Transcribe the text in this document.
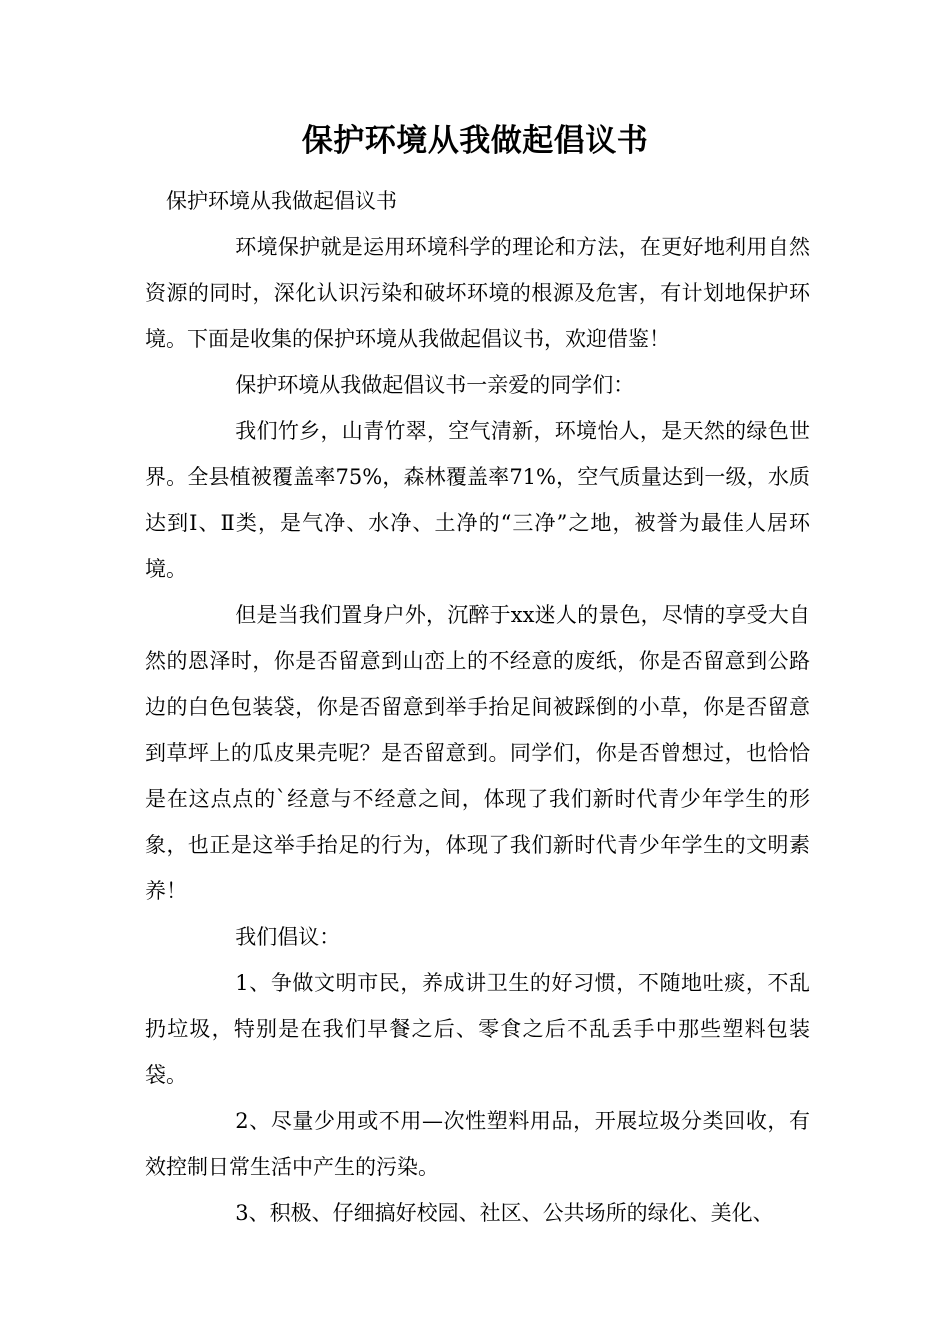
保护环境从我做起倡议书

保护环境从我做起倡议书

环境保护就是运用环境科学的理论和方法，在更好地利用自然资源的同时，深化认识污染和破坏环境的根源及危害，有计划地保护环境。下面是收集的保护环境从我做起倡议书，欢迎借鉴！

保护环境从我做起倡议书一亲爱的同学们：

我们竹乡，山青竹翠，空气清新，环境怡人，是天然的绿色世界。全县植被覆盖率75%，森林覆盖率71%，空气质量达到一级，水质达到Ⅰ、Ⅱ类，是气净、水净、土净的“三净”之地，被誉为最佳人居环境。

但是当我们置身户外，沉醉于xx迷人的景色，尽情的享受大自然的恩泽时，你是否留意到山峦上的不经意的废纸，你是否留意到公路边的白色包装袋，你是否留意到举手抬足间被踩倒的小草，你是否留意到草坪上的瓜皮果壳呢？是否留意到。同学们，你是否曾想过，也恰恰是在这点点的`经意与不经意之间，体现了我们新时代青少年学生的形象，也正是这举手抬足的行为，体现了我们新时代青少年学生的文明素养！

我们倡议：

1、争做文明市民，养成讲卫生的好习惯，不随地吐痰，不乱扔垃圾，特别是在我们早餐之后、零食之后不乱丢手中那些塑料包装袋。

2、尽量少用或不用—次性塑料用品，开展垃圾分类回收，有效控制日常生活中产生的污染。

3、积极、仔细搞好校园、社区、公共场所的绿化、美化、
